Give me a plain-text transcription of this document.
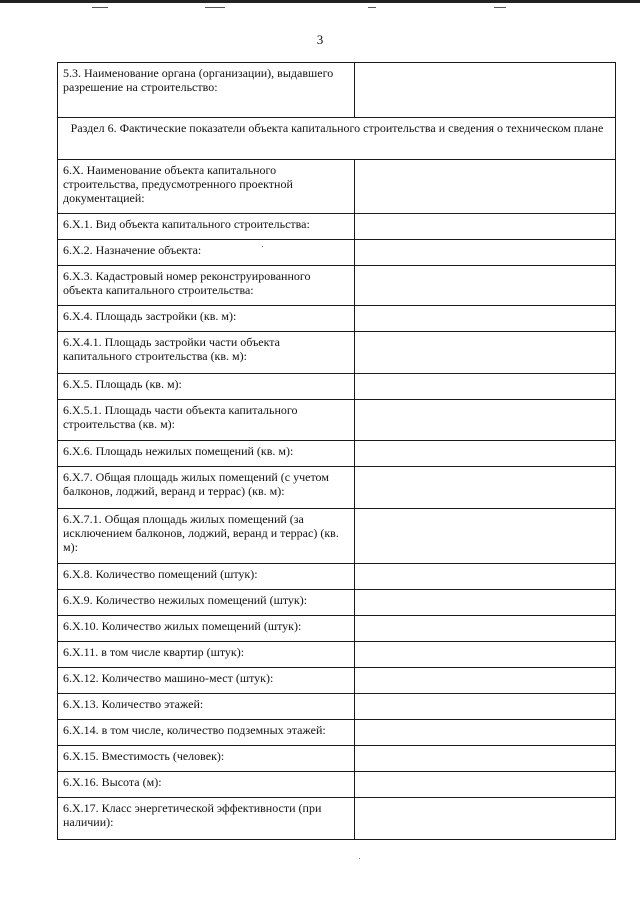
3
5.3. Наименование органа (организации), выдавшего разрешение на строительство:	
Раздел 6. Фактические показатели объекта капитального строительства и сведения о техническом плане	
6.X. Наименование объекта капитального строительства, предусмотренного проектной документацией:	
6.X.1. Вид объекта капитального строительства:	
6.X.2. Назначение объекта:	
6.X.3. Кадастровый номер реконструированного объекта капитального строительства:	
6.X.4. Площадь застройки (кв. м):	
6.X.4.1. Площадь застройки части объекта капитального строительства (кв. м):	
6.X.5. Площадь (кв. м):	
6.X.5.1. Площадь части объекта капитального строительства (кв. м):	
6.X.6. Площадь нежилых помещений (кв. м):	
6.X.7. Общая площадь жилых помещений (с учетом балконов, лоджий, веранд и террас) (кв. м):	
6.X.7.1. Общая площадь жилых помещений (за исключением балконов, лоджий, веранд и террас) (кв. м):	
6.X.8. Количество помещений (штук):	
6.X.9. Количество нежилых помещений (штук):	
6.X.10. Количество жилых помещений (штук):	
6.X.11. в том числе квартир (штук):	
6.X.12. Количество машино-мест (штук):	
6.X.13. Количество этажей:	
6.X.14. в том числе, количество подземных этажей:	
6.X.15. Вместимость (человек):	
6.X.16. Высота (м):	
6.X.17. Класс энергетической эффективности (при наличии):	
